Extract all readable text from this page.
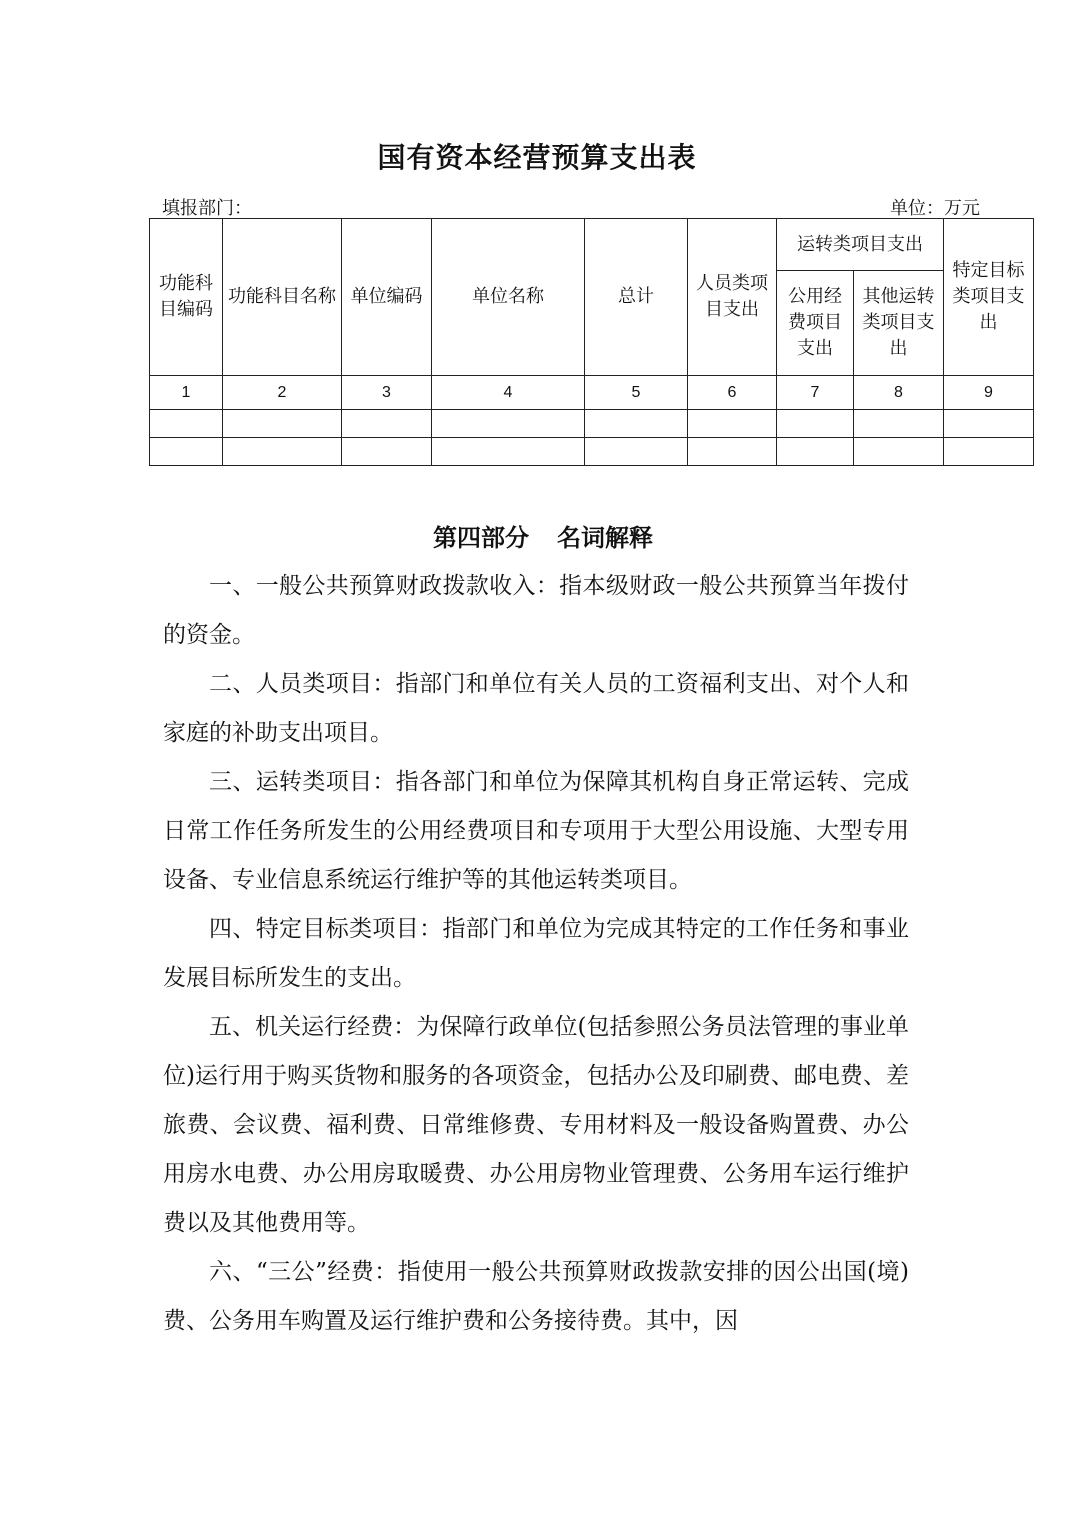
国有资本经营预算支出表
填报部门：	单位：万元
功能科目编码	功能科目名称	单位编码	单位名称	总计	人员类项目支出	运转类项目支出		特定目标类项目支出
						公用经费项目支出	其他运转类项目支出	
1	2	3	4	5	6	7	8	9

第四部分 名词解释

一、一般公共预算财政拨款收入：指本级财政一般公共预算当年拨付的资金。

二、人员类项目：指部门和单位有关人员的工资福利支出、对个人和家庭的补助支出项目。

三、运转类项目：指各部门和单位为保障其机构自身正常运转、完成日常工作任务所发生的公用经费项目和专项用于大型公用设施、大型专用设备、专业信息系统运行维护等的其他运转类项目。

四、特定目标类项目：指部门和单位为完成其特定的工作任务和事业发展目标所发生的支出。

五、机关运行经费：为保障行政单位(包括参照公务员法管理的事业单位)运行用于购买货物和服务的各项资金，包括办公及印刷费、邮电费、差旅费、会议费、福利费、日常维修费、专用材料及一般设备购置费、办公用房水电费、办公用房取暖费、办公用房物业管理费、公务用车运行维护费以及其他费用等。

六、“三公”经费：指使用一般公共预算财政拨款安排的因公出国(境)费、公务用车购置及运行维护费和公务接待费。其中，因
